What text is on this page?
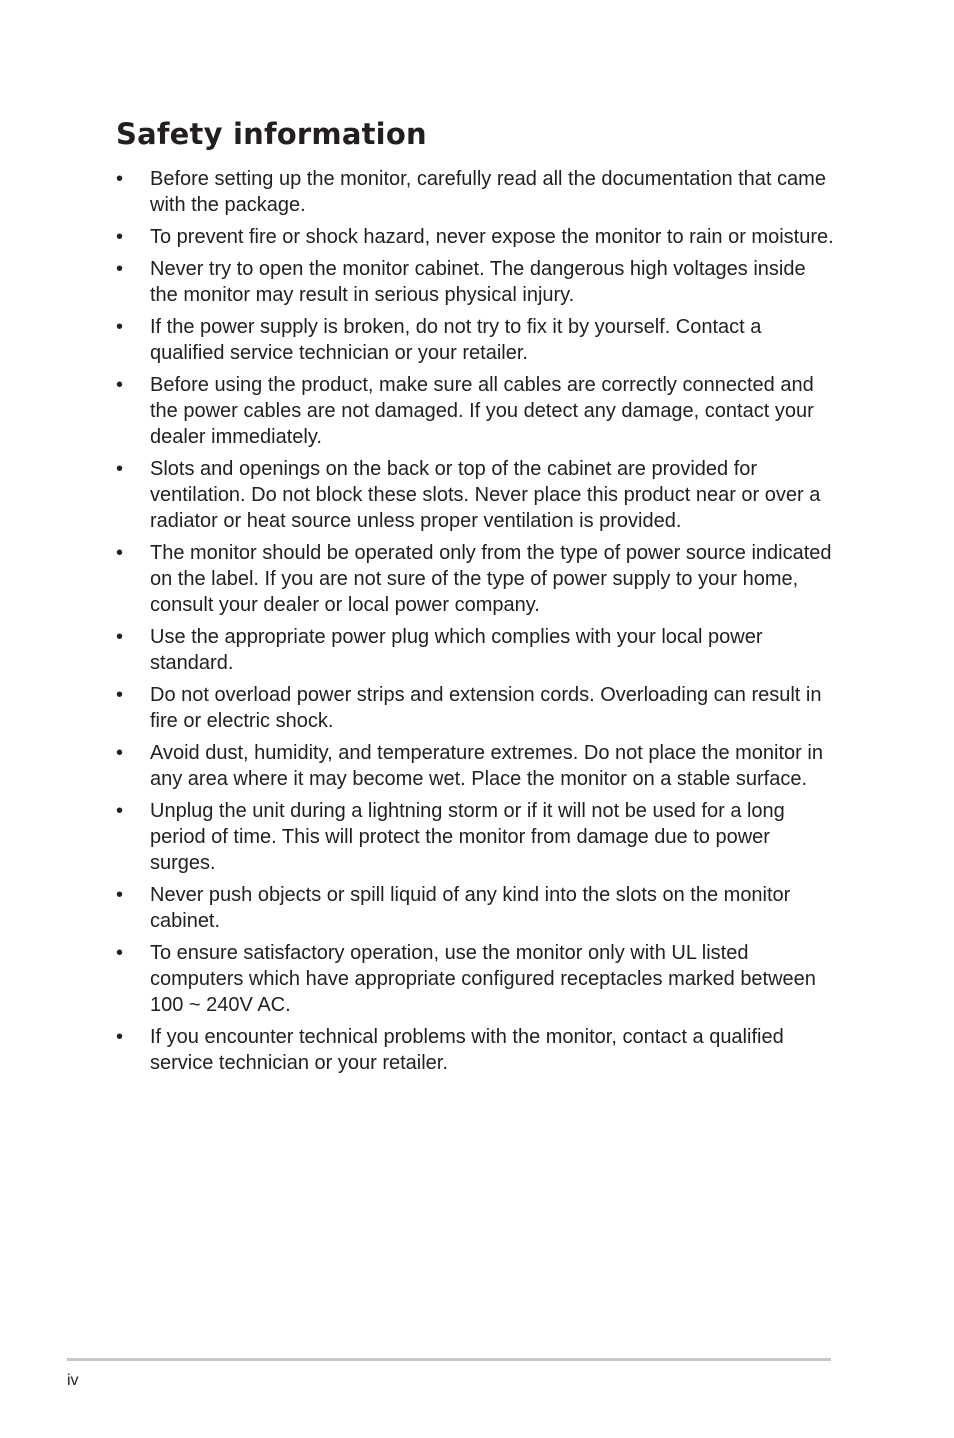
Safety information
• Before setting up the monitor, carefully read all the documentation that came with the package.
• To prevent fire or shock hazard, never expose the monitor to rain or moisture.
• Never try to open the monitor cabinet. The dangerous high voltages inside the monitor may result in serious physical injury.
• If the power supply is broken, do not try to fix it by yourself. Contact a qualified service technician or your retailer.
• Before using the product, make sure all cables are correctly connected and the power cables are not damaged. If you detect any damage, contact your dealer immediately.
• Slots and openings on the back or top of the cabinet are provided for ventilation. Do not block these slots. Never place this product near or over a radiator or heat source unless proper ventilation is provided.
• The monitor should be operated only from the type of power source indicated on the label. If you are not sure of the type of power supply to your home, consult your dealer or local power company.
• Use the appropriate power plug which complies with your local power standard.
• Do not overload power strips and extension cords. Overloading can result in fire or electric shock.
• Avoid dust, humidity, and temperature extremes. Do not place the monitor in any area where it may become wet. Place the monitor on a stable surface.
• Unplug the unit during a lightning storm or if it will not be used for a long period of time. This will protect the monitor from damage due to power surges.
• Never push objects or spill liquid of any kind into the slots on the monitor cabinet.
• To ensure satisfactory operation, use the monitor only with UL listed computers which have appropriate configured receptacles marked between 100 ~ 240V AC.
• If you encounter technical problems with the monitor, contact a qualified service technician or your retailer.
iv
